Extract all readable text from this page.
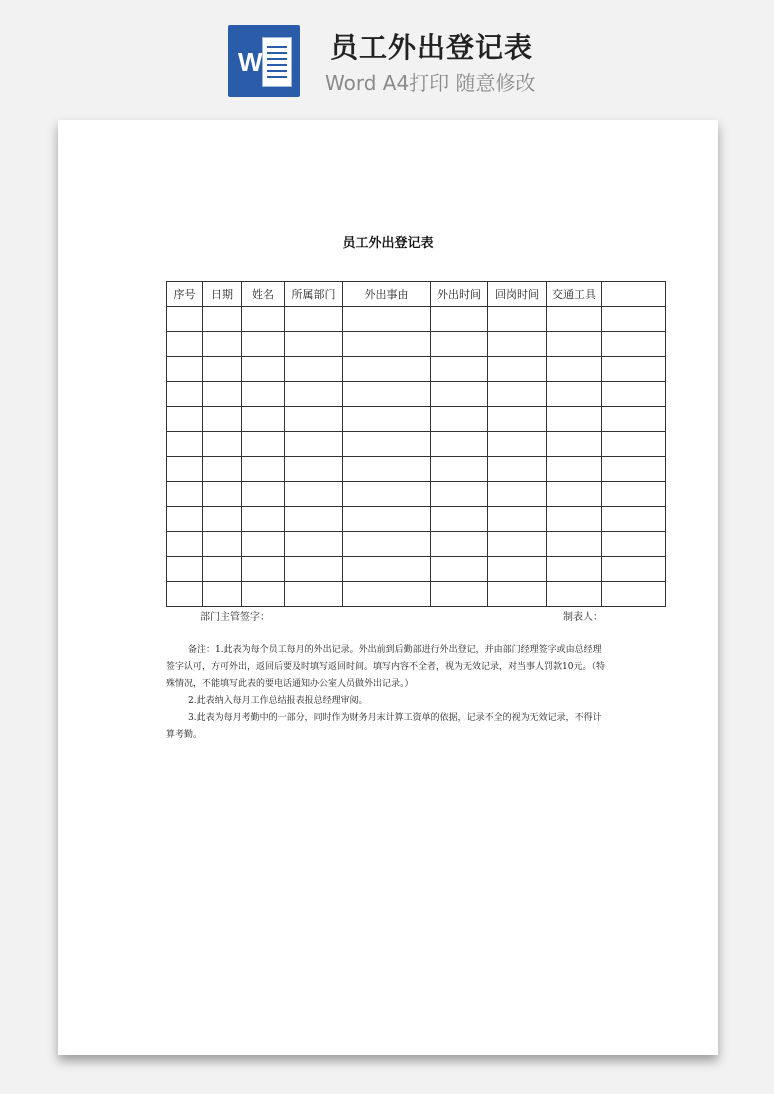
W 员工外出登记表
Word A4打印 随意修改
员工外出登记表
序号	日期	姓名	所属部门	外出事由	外出时间	回岗时间	交通工具	

部门主管签字：	制表人：

备注：1.此表为每个员工每月的外出记录。外出前到后勤部进行外出登记，并由部门经理签字或由总经理签字认可，方可外出，返回后要及时填写返回时间。填写内容不全者，视为无效记录，对当事人罚款10元。（特殊情况，不能填写此表的要电话通知办公室人员做外出记录。）

2.此表纳入每月工作总结报表报总经理审阅。

3.此表为每月考勤中的一部分，同时作为财务月末计算工资单的依据，记录不全的视为无效记录，不得计算考勤。
